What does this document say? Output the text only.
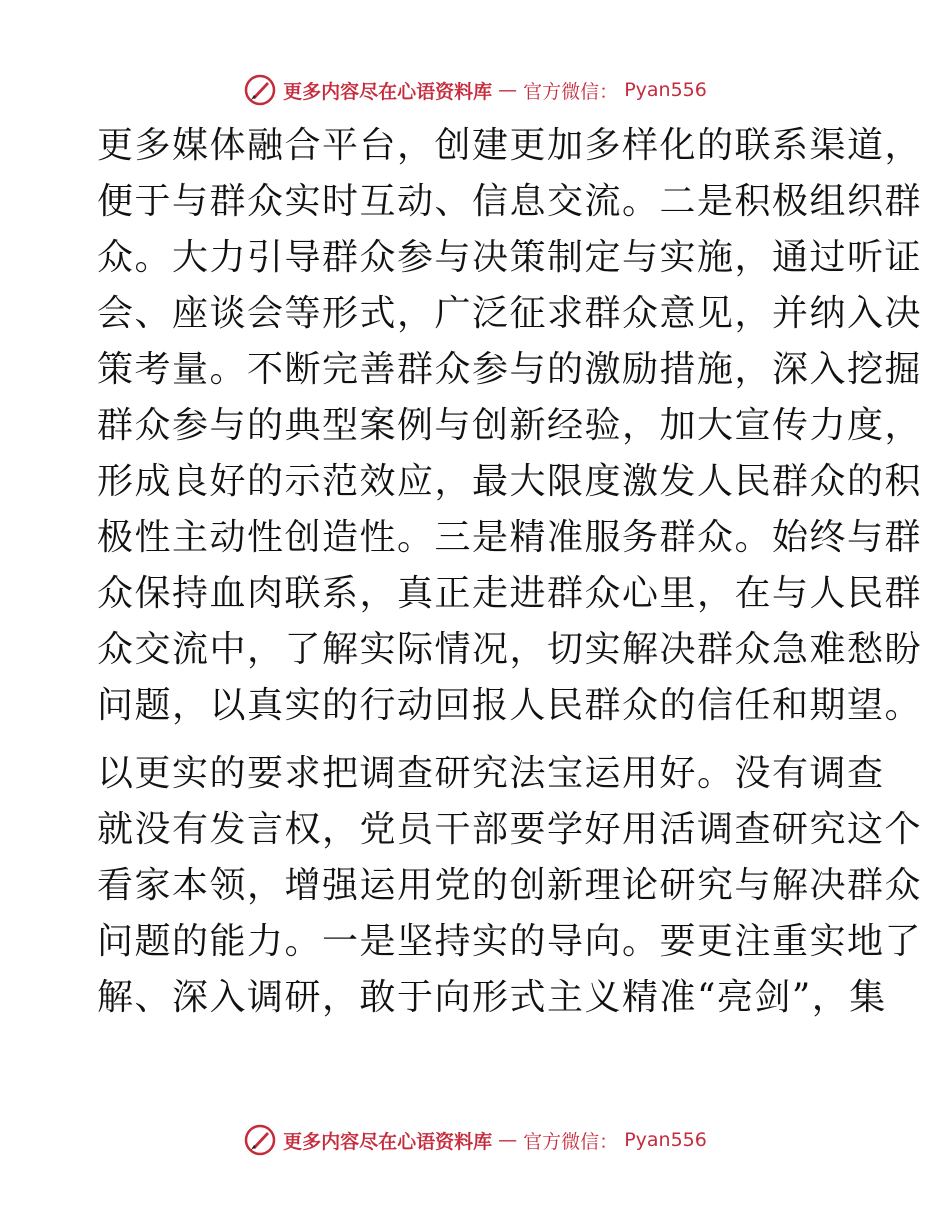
更多内容尽在心语资料库 — 官方微信： Pyan556
更多媒体融合平台，创建更加多样化的联系渠道，
便于与群众实时互动、信息交流。二是积极组织群
众。大力引导群众参与决策制定与实施，通过听证
会、座谈会等形式，广泛征求群众意见，并纳入决
策考量。不断完善群众参与的激励措施，深入挖掘
群众参与的典型案例与创新经验，加大宣传力度，
形成良好的示范效应，最大限度激发人民群众的积
极性主动性创造性。三是精准服务群众。始终与群
众保持血肉联系，真正走进群众心里，在与人民群
众交流中，了解实际情况，切实解决群众急难愁盼
问题，以真实的行动回报人民群众的信任和期望。
以更实的要求把调查研究法宝运用好。没有调查
就没有发言权，党员干部要学好用活调查研究这个
看家本领，增强运用党的创新理论研究与解决群众
问题的能力。一是坚持实的导向。要更注重实地了
解、深入调研，敢于向形式主义精准“亮剑”，集
更多内容尽在心语资料库 — 官方微信： Pyan556
